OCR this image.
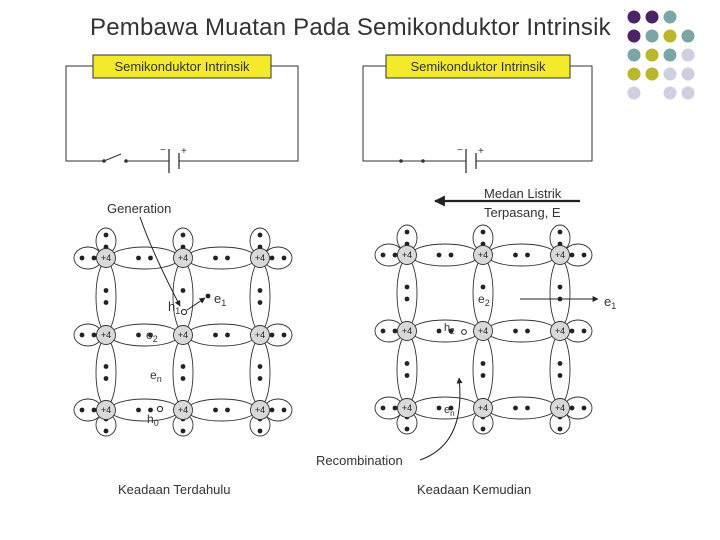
Pembawa Muatan Pada Semikonduktor Intrinsik
'
Semikonduktor Intrinsik
− +
Semikonduktor Intrinsik
− +
+4	+4	+4
+4	+4	+4
+4	+4	+4
+4	+4	+4
+4	+4	+4
+4	+4	+4
Generation
$e_1$
$h_1$
$e_2$
$e_n$
$h_0$
Keadaan Terdahulu
Medan Listrik
Terpasang, E
$e_2$
$h_2$
$e_1$
$e_n$
Recombination
Keadaan Kemudian
